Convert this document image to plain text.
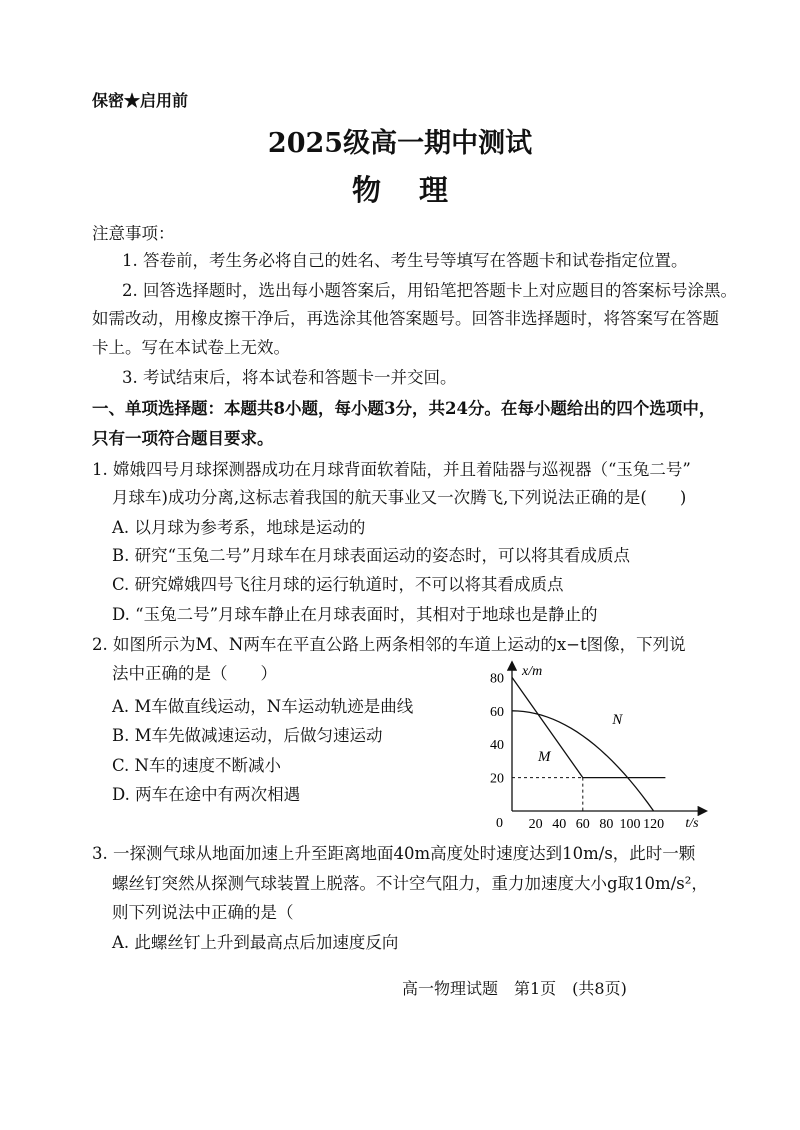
保密★启用前
2025级高一期中测试
物 理
注意事项：
1. 答卷前，考生务必将自己的姓名、考生号等填写在答题卡和试卷指定位置。
2. 回答选择题时，选出每小题答案后，用铅笔把答题卡上对应题目的答案标号涂黑。
如需改动，用橡皮擦干净后，再选涂其他答案题号。回答非选择题时，将答案写在答题
卡上。写在本试卷上无效。
3. 考试结束后，将本试卷和答题卡一并交回。
一、单项选择题：本题共8小题，每小题3分，共24分。在每小题给出的四个选项中，
只有一项符合题目要求。
1. 嫦娥四号月球探测器成功在月球背面软着陆，并且着陆器与巡视器（“玉兔二号”
月球车)成功分离,这标志着我国的航天事业又一次腾飞,下列说法正确的是(　　)
A. 以月球为参考系，地球是运动的
B. 研究“玉兔二号”月球车在月球表面运动的姿态时，可以将其看成质点
C. 研究嫦娥四号飞往月球的运行轨道时，不可以将其看成质点
D. “玉兔二号”月球车静止在月球表面时，其相对于地球也是静止的
2. 如图所示为M、N两车在平直公路上两条相邻的车道上运动的x−t图像，下列说
法中正确的是（　　）
A. M车做直线运动，N车运动轨迹是曲线
B. M车先做减速运动，后做匀速运动
C. N车的速度不断减小
D. 两车在途中有两次相遇
x/m
t/s
0 20 40 60 80 100 120
80
60
40
20
M
N
3. 一探测气球从地面加速上升至距离地面40m高度处时速度达到10m/s，此时一颗
螺丝钉突然从探测气球装置上脱落。不计空气阻力，重力加速度大小g取10m/s²，
则下列说法中正确的是（
A. 此螺丝钉上升到最高点后加速度反向
高一物理试题　第1页　(共8页)
